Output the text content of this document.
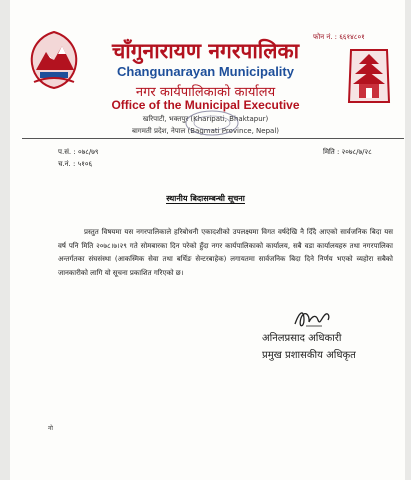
फोन नं. : ६६१४८०१
चाँगुनारायण नगरपालिका
Changunarayan Municipality
नगर कार्यपालिकाको कार्यालय
Office of the Municipal Executive
खरिपाटी, भक्तपुर (Kharipati, Bhaktapur)
बागमती प्रदेश, नेपाल (Bagmati Province, Nepal)
प.सं. : ०७८/७९
च.नं. : ५१०६
मिति : २०७८/७/२८
स्थानीय बिदासम्बन्धी सूचना
प्रस्तुत विषयमा यस नगरपालिकाले हरिबोधनी एकादशीको उपलक्ष्यमा विगत वर्षदेखि नै दिँदै आएको सार्वजनिक बिदा यस वर्ष पनि मिति २०७८।७।२९ गते सोमबारका दिन परेको हुँदा नगर कार्यपालिकाको कार्यालय, सबै वडा कार्यालयहरु तथा नगरपालिका अन्तर्गतका संघसंस्था (आकस्मिक सेवा तथा बर्थिङ सेन्टरबाहेक) लगायतमा सार्वजनिक बिदा दिने निर्णय भएको व्यहोरा सबैको जानकारीको लागि यो सूचना प्रकाशित गरिएको छ।
अनिलप्रसाद अधिकारी
प्रमुख प्रशासकीय अधिकृत
नो
